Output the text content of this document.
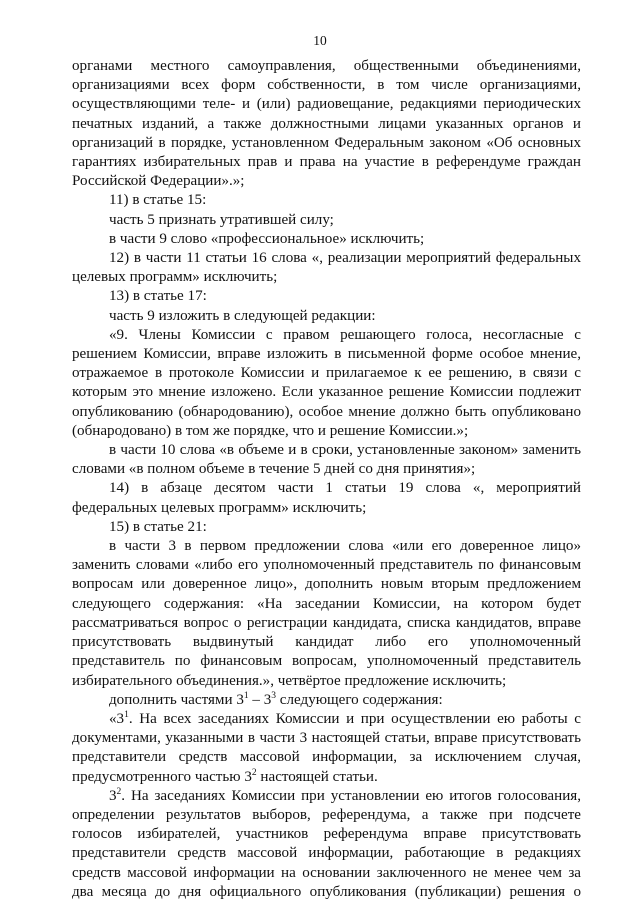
10

органами местного самоуправления, общественными объединениями, организациями всех форм собственности, в том числе организациями, осуществляющими теле- и (или) радиовещание, редакциями периодических печатных изданий, а также должностными лицами указанных органов и организаций в порядке, установленном Федеральным законом «Об основных гарантиях избирательных прав и права на участие в референдуме граждан Российской Федерации».»;

11) в статье 15:

часть 5 признать утратившей силу;

в части 9 слово «профессиональное» исключить;

12) в части 11 статьи 16 слова «, реализации мероприятий федеральных целевых программ» исключить;

13) в статье 17:

часть 9 изложить в следующей редакции:

«9. Члены Комиссии с правом решающего голоса, несогласные с решением Комиссии, вправе изложить в письменной форме особое мнение, отражаемое в протоколе Комиссии и прилагаемое к ее решению, в связи с которым это мнение изложено. Если указанное решение Комиссии подлежит опубликованию (обнародованию), особое мнение должно быть опубликовано (обнародовано) в том же порядке, что и решение Комиссии.»;

в части 10 слова «в объеме и в сроки, установленные законом» заменить словами «в полном объеме в течение 5 дней со дня принятия»;

14) в абзаце десятом части 1 статьи 19 слова «, мероприятий федеральных целевых программ» исключить;

15) в статье 21:

в части 3 в первом предложении слова «или его доверенное лицо» заменить словами «либо его уполномоченный представитель по финансовым вопросам или доверенное лицо», дополнить новым вторым предложением следующего содержания: «На заседании Комиссии, на котором будет рассматриваться вопрос о регистрации кандидата, списка кандидатов, вправе присутствовать выдвинутый кандидат либо его уполномоченный представитель по финансовым вопросам, уполномоченный представитель избирательного объединения.», четвёртое предложение исключить;

дополнить частями $3^1 - 3^3$ следующего содержания:

«$3^1$. На всех заседаниях Комиссии и при осуществлении ею работы с документами, указанными в части 3 настоящей статьи, вправе присутствовать представители средств массовой информации, за исключением случая, предусмотренного частью $3^2$ настоящей статьи.

$3^2$. На заседаниях Комиссии при установлении ею итогов голосования, определении результатов выборов, референдума, а также при подсчете голосов избирателей, участников референдума вправе присутствовать представители средств массовой информации, работающие в редакциях средств массовой информации на основании заключенного не менее чем за два месяца до дня официального опубликования (публикации) решения о
